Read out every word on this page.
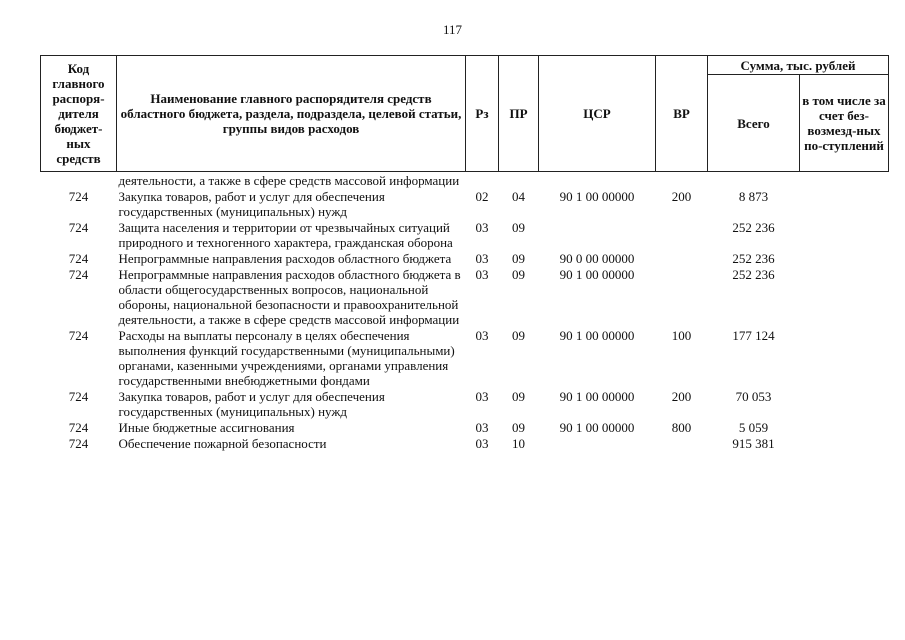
117
Код главного распоря-дителя бюджет-ных средств	Наименование главного распорядителя средств областного бюджета, раздела, подраздела, целевой статьи, группы видов расходов	Рз	ПР	ЦСР	ВР	Сумма, тыс. рублей	
						Всего	в том числе за счет без-возмезд-ных по-ступлений
	деятельности, а также в сфере средств массовой информации						
724	Закупка товаров, работ и услуг для обеспечения государственных (муниципальных) нужд	02	04	90 1 00 00000	200	8 873	
724	Защита населения и территории от чрезвычайных ситуаций природного и техногенного характера, гражданская оборона	03	09			252 236	
724	Непрограммные направления расходов областного бюджета	03	09	90 0 00 00000		252 236	
724	Непрограммные направления расходов областного бюджета в области общегосударственных вопросов, национальной обороны, национальной безопасности и правоохранительной деятельности, а также в сфере средств массовой информации	03	09	90 1 00 00000		252 236	
724	Расходы на выплаты персоналу в целях обеспечения выполнения функций государственными (муниципальными) органами, казенными учреждениями, органами управления государственными внебюджетными фондами	03	09	90 1 00 00000	100	177 124	
724	Закупка товаров, работ и услуг для обеспечения государственных (муниципальных) нужд	03	09	90 1 00 00000	200	70 053	
724	Иные бюджетные ассигнования	03	09	90 1 00 00000	800	5 059	
724	Обеспечение пожарной безопасности	03	10			915 381	
